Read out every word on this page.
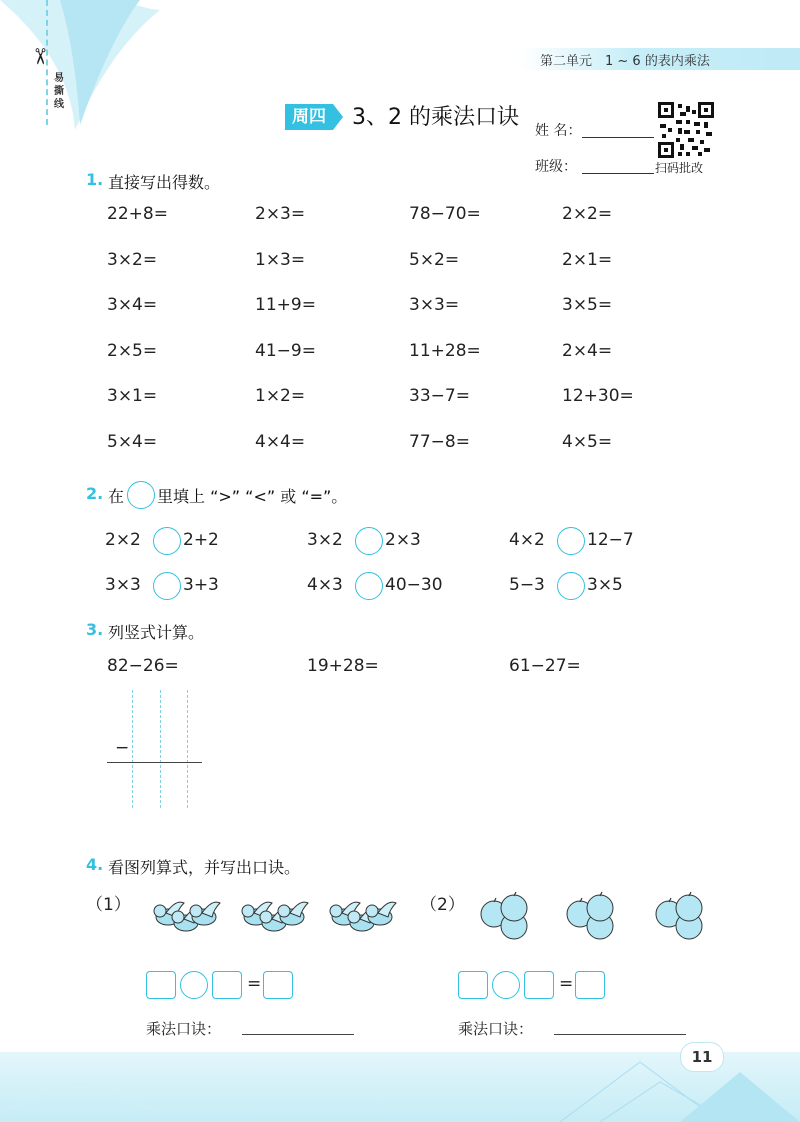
✂
易撕线
第二单元　1 ~ 6 的表内乘法
周四	3、2 的乘法口诀
姓 名：
班级：	扫码批改
1. 直接写出得数。
22+8=	2×3=	78−70=	2×2=
3×2=	1×3=	5×2=	2×1=
3×4=	11+9=	3×3=	3×5=
2×5=	41−9=	11+28=	2×4=
3×1=	1×2=	33−7=	12+30=
5×4=	4×4=	77−8=	4×5=
2. 在 里填上 “>” “<” 或 “=”。
2×2 2+2	3×2 2×3	4×2 12−7
3×3 3+3	4×3 40−30	5−3 3×5
3. 列竖式计算。
82−26=	19+28=	61−27=
−
4. 看图列算式，并写出口诀。
（1）	（2）
=
乘法口诀：
=
乘法口诀：
11
